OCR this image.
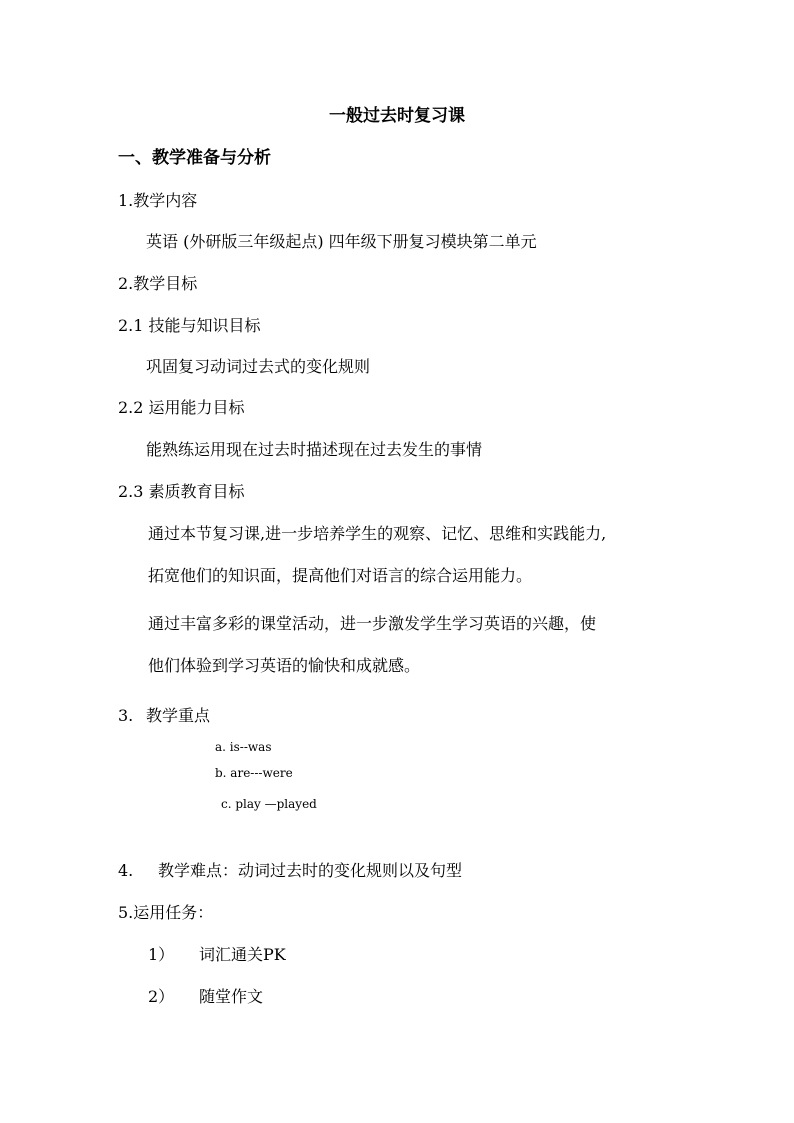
一般过去时复习课
一、教学准备与分析
1.教学内容
英语 (外研版三年级起点) 四年级下册复习模块第二单元
2.教学目标
2.1 技能与知识目标
巩固复习动词过去式的变化规则
2.2 运用能力目标
能熟练运用现在过去时描述现在过去发生的事情
2.3 素质教育目标
通过本节复习课,进一步培养学生的观察、记忆、思维和实践能力,
拓宽他们的知识面，提高他们对语言的综合运用能力。
通过丰富多彩的课堂活动，进一步激发学生学习英语的兴趣，使
他们体验到学习英语的愉快和成就感。
3. 教学重点
a. is--was
b. are---were
c. play —played
4. 教学难点：动词过去时的变化规则以及句型
5.运用任务：
1） 词汇通关PK
2） 随堂作文
